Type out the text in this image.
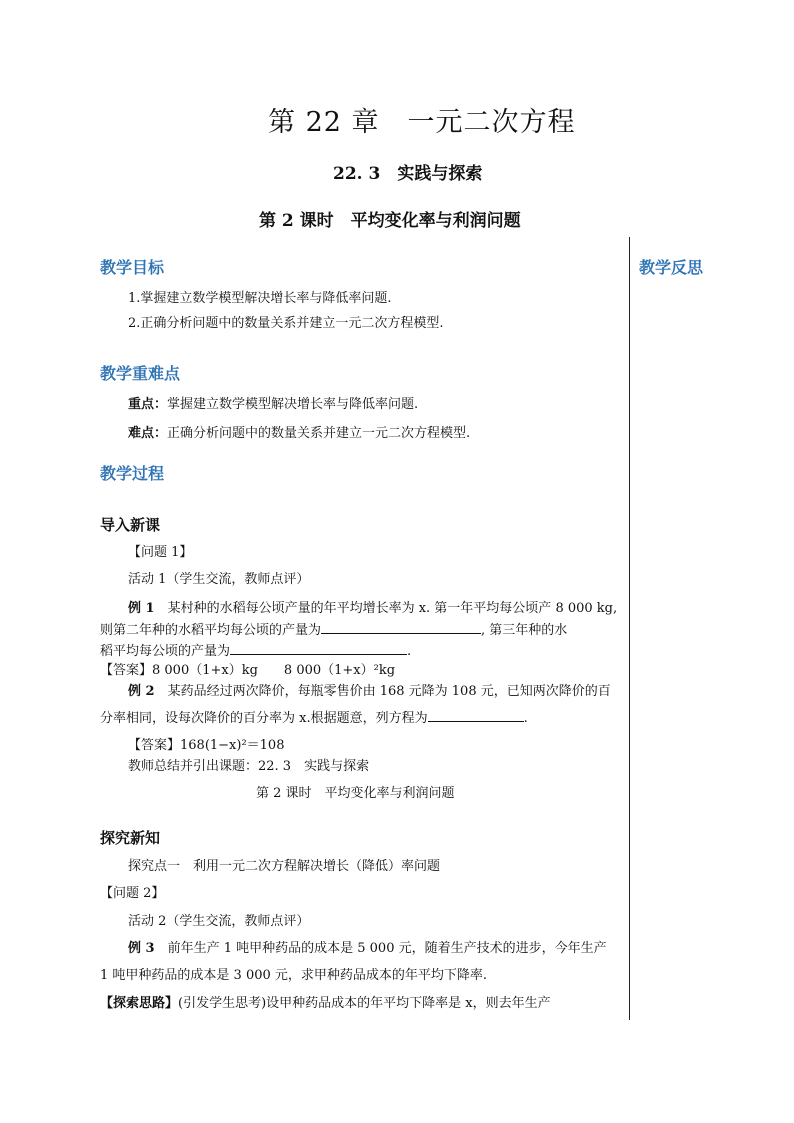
第 22 章　一元二次方程
22. 3　实践与探索
第 2 课时　平均变化率与利润问题
教学反思
教学目标
1.掌握建立数学模型解决增长率与降低率问题.
2.正确分析问题中的数量关系并建立一元二次方程模型.
教学重难点
重点：掌握建立数学模型解决增长率与降低率问题.
难点：正确分析问题中的数量关系并建立一元二次方程模型.
教学过程
导入新课
【问题 1】
活动 1（学生交流，教师点评）
例 1　某村种的水稻每公顷产量的年平均增长率为 x. 第一年平均每公顷产 8 000 kg,
则第二年种的水稻平均每公顷的产量为	, 第三年种的水
稻平均每公顷的产量为	.
【答案】8 000（1+x）kg　　8 000（1+x）²kg
例 2　某药品经过两次降价，每瓶零售价由 168 元降为 108 元，已知两次降价的百
分率相同，设每次降价的百分率为 x.根据题意，列方程为	.
【答案】168(1−x)²＝108
教师总结并引出课题：22. 3　实践与探索
第 2 课时　平均变化率与利润问题
探究新知
探究点一　利用一元二次方程解决增长（降低）率问题
【问题 2】
活动 2（学生交流，教师点评）
例 3　前年生产 1 吨甲种药品的成本是 5 000 元，随着生产技术的进步，今年生产
1 吨甲种药品的成本是 3 000 元，求甲种药品成本的年平均下降率.
【探索思路】(引发学生思考)设甲种药品成本的年平均下降率是 x，则去年生产
